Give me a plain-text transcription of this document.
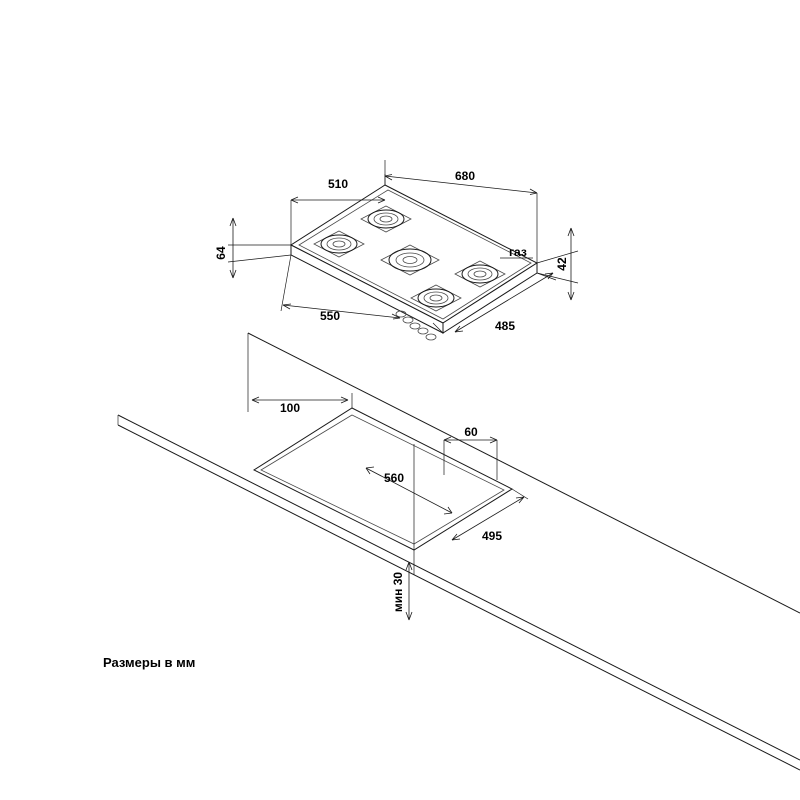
510
680
64
42
550
485
газ
100
60
560
495
мин 30
Размеры в мм
